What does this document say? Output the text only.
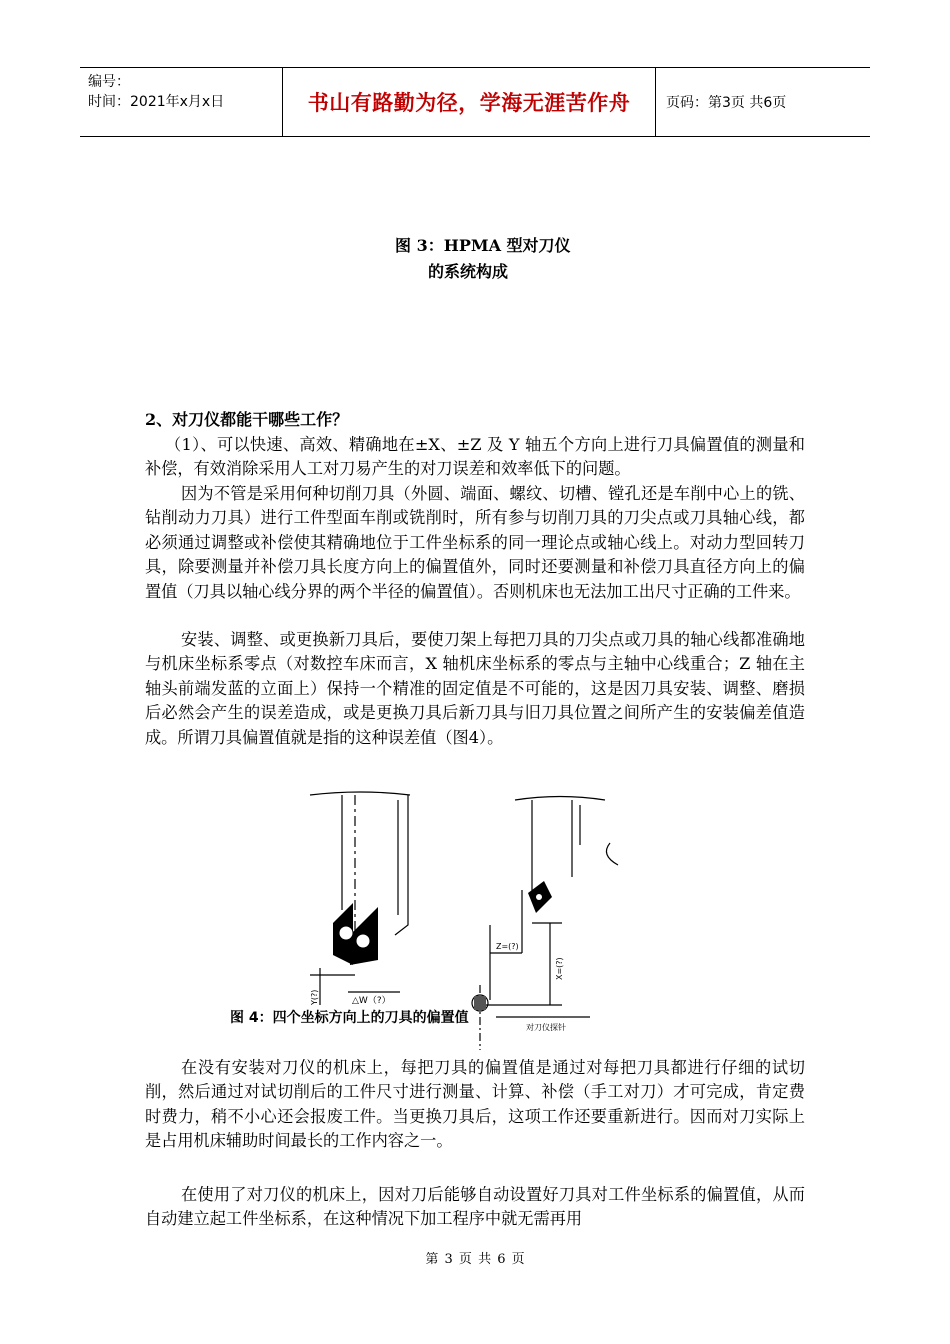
编号：
时间：2021年x月x日	书山有路勤为径，学海无涯苦作舟	页码：第3页 共6页
图 3：HPMA 型对刀仪
的系统构成
2、对刀仪都能干哪些工作？
（1）、可以快速、高效、精确地在±X、±Z 及 Y 轴五个方向上进行刀具偏置值的测量和补偿，有效消除采用人工对刀易产生的对刀误差和效率低下的问题。
因为不管是采用何种切削刀具（外圆、端面、螺纹、切槽、镗孔还是车削中心上的铣、钻削动力刀具）进行工件型面车削或铣削时，所有参与切削刀具的刀尖点或刀具轴心线，都必须通过调整或补偿使其精确地位于工件坐标系的同一理论点或轴心线上。对动力型回转刀具，除要测量并补偿刀具长度方向上的偏置值外，同时还要测量和补偿刀具直径方向上的偏置值（刀具以轴心线分界的两个半径的偏置值）。否则机床也无法加工出尺寸正确的工件来。
安装、调整、或更换新刀具后，要使刀架上每把刀具的刀尖点或刀具的轴心线都准确地与机床坐标系零点（对数控车床而言，X 轴机床坐标系的零点与主轴中心线重合；Z 轴在主轴头前端发蓝的立面上）保持一个精准的固定值是不可能的，这是因刀具安装、调整、磨损后必然会产生的误差造成，或是更换刀具后新刀具与旧刀具位置之间所产生的安装偏差值造成。所谓刀具偏置值就是指的这种误差值（图4）。
Y(?)	△W（?）
Z=(?)
X=(?)
对刀仪探针
图 4：四个坐标方向上的刀具的偏置值
在没有安装对刀仪的机床上，每把刀具的偏置值是通过对每把刀具都进行仔细的试切削，然后通过对试切削后的工件尺寸进行测量、计算、补偿（手工对刀）才可完成，肯定费时费力，稍不小心还会报废工件。当更换刀具后，这项工作还要重新进行。因而对刀实际上是占用机床辅助时间最长的工作内容之一。
在使用了对刀仪的机床上，因对刀后能够自动设置好刀具对工件坐标系的偏置值，从而自动建立起工件坐标系，在这种情况下加工程序中就无需再用
第 3 页 共 6 页
